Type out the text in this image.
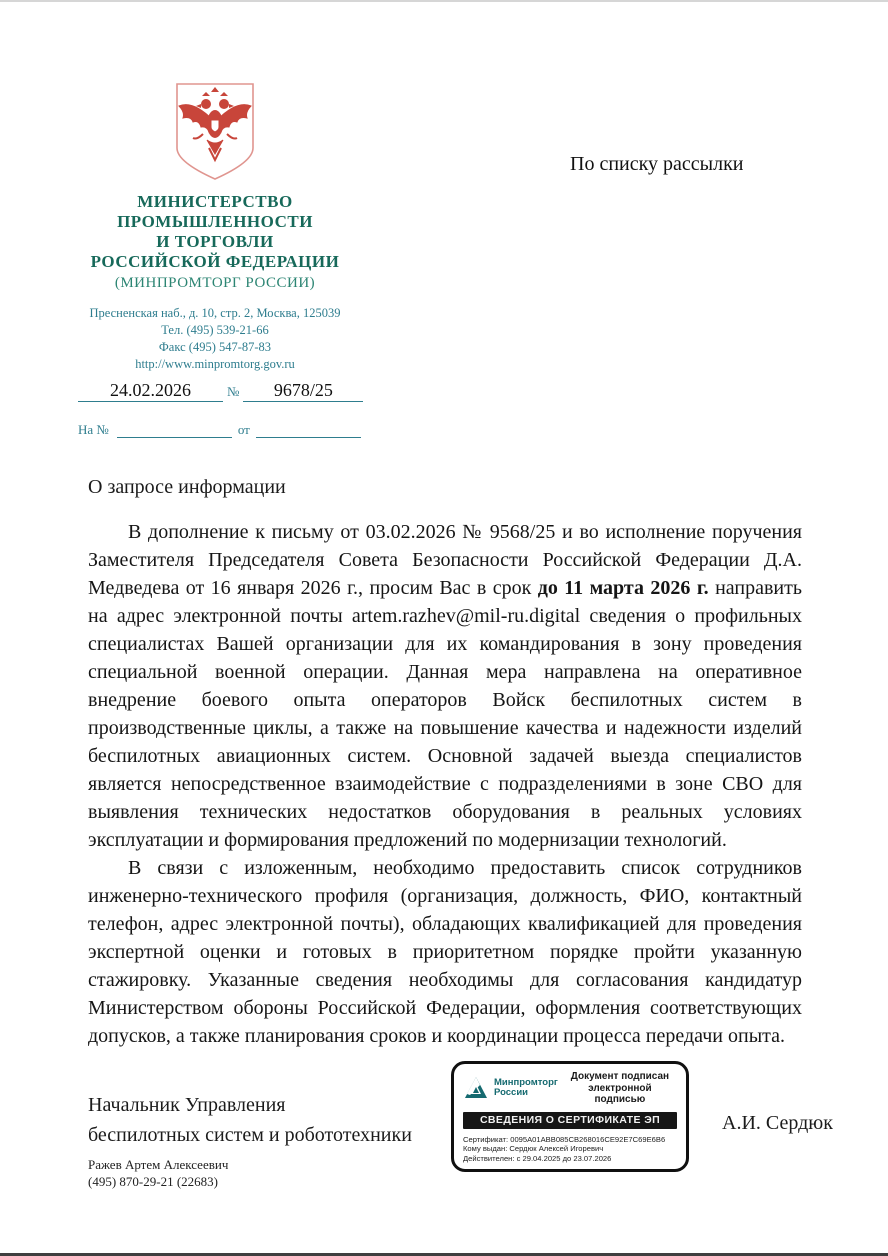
МИНИСТЕРСТВО
ПРОМЫШЛЕННОСТИ
И ТОРГОВЛИ
РОССИЙСКОЙ ФЕДЕРАЦИИ
(МИНПРОМТОРГ РОССИИ)
Пресненская наб., д. 10, стр. 2, Москва, 125039
Тел. (495) 539-21-66
Факс (495) 547-87-83
http://www.minpromtorg.gov.ru
24.02.2026	№	9678/25
На №	от
По списку рассылки
О запросе информации

В дополнение к письму от 03.02.2026 № 9568/25 и во исполнение поручения Заместителя Председателя Совета Безопасности Российской Федерации Д.А. Медведева от 16 января 2026 г., просим Вас в срок до 11 марта 2026 г. направить на адрес электронной почты artem.razhev@mil-ru.digital сведения о профильных специалистах Вашей организации для их командирования в зону проведения специальной военной операции. Данная мера направлена на оперативное внедрение боевого опыта операторов Войск беспилотных систем в производственные циклы, а также на повышение качества и надежности изделий беспилотных авиационных систем. Основной задачей выезда специалистов является непосредственное взаимодействие с подразделениями в зоне СВО для выявления технических недостатков оборудования в реальных условиях эксплуатации и формирования предложений по модернизации технологий.

В связи с изложенным, необходимо предоставить список сотрудников инженерно-технического профиля (организация, должность, ФИО, контактный телефон, адрес электронной почты), обладающих квалификацией для проведения экспертной оценки и готовых в приоритетном порядке пройти указанную стажировку. Указанные сведения необходимы для согласования кандидатур Министерством обороны Российской Федерации, оформления соответствующих допусков, а также планирования сроков и координации процесса передачи опыта.

Начальник Управления
беспилотных систем и робототехники
Ражев Артем Алексеевич
(495) 870-29-21 (22683)
Минпромторг
России
Документ подписан
электронной подписью
СВЕДЕНИЯ О СЕРТИФИКАТЕ ЭП
Сертификат: 0095A01ABB085CB268016CE92E7C69E6B6
Кому выдан: Сердюк Алексей Игоревич
Действителен: с 29.04.2025 до 23.07.2026
А.И. Сердюк
